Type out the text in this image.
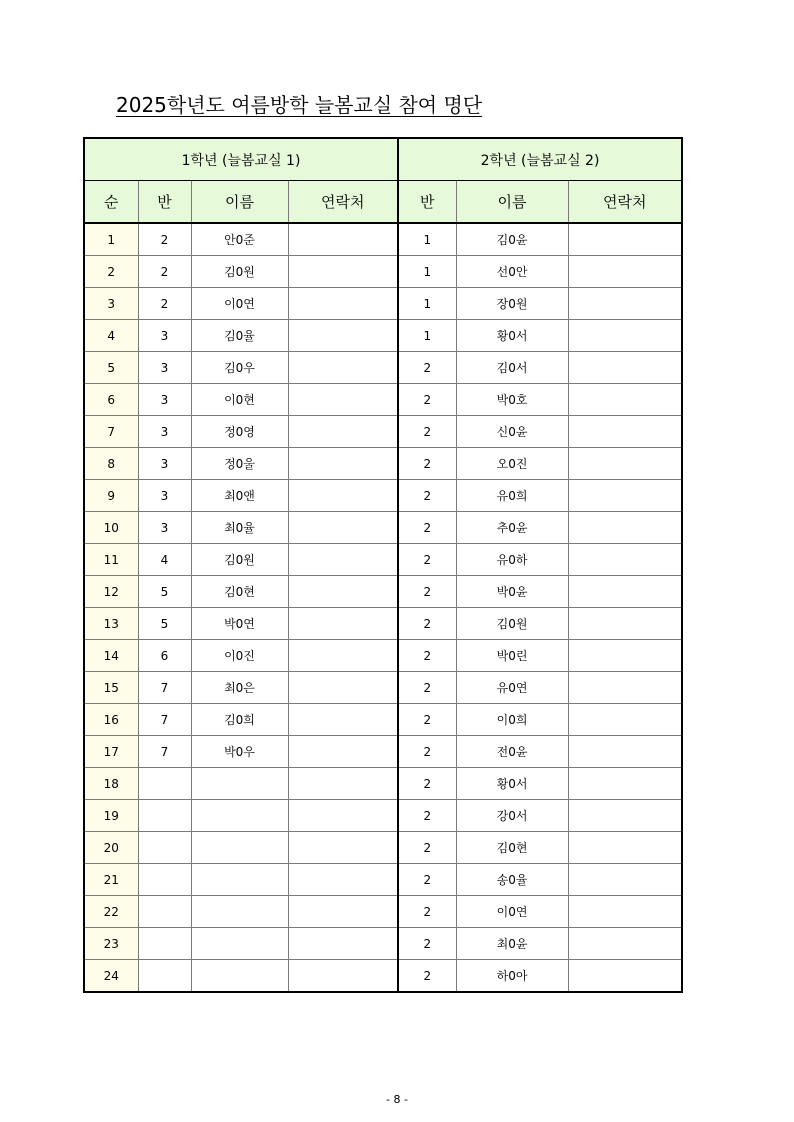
2025학년도 여름방학 늘봄교실 참여 명단
1학년 (늘봄교실 1)				2학년 (늘봄교실 2)		
순	반	이름	연락처	반	이름	연락처
1	2	안0준		1	김0윤	
2	2	김0원		1	선0안	
3	2	이0연		1	장0원	
4	3	김0율		1	황0서	
5	3	김0우		2	김0서	
6	3	이0현		2	박0호	
7	3	정0영		2	신0윤	
8	3	정0울		2	오0진	
9	3	최0앤		2	유0희	
10	3	최0율		2	추0윤	
11	4	김0원		2	유0하	
12	5	김0현		2	박0윤	
13	5	박0연		2	김0원	
14	6	이0진		2	박0린	
15	7	최0은		2	유0연	
16	7	김0희		2	이0희	
17	7	박0우		2	전0윤	
18				2	황0서	
19				2	강0서	
20				2	김0현	
21				2	송0율	
22				2	이0연	
23				2	최0윤	
24				2	하0아	
- 8 -
